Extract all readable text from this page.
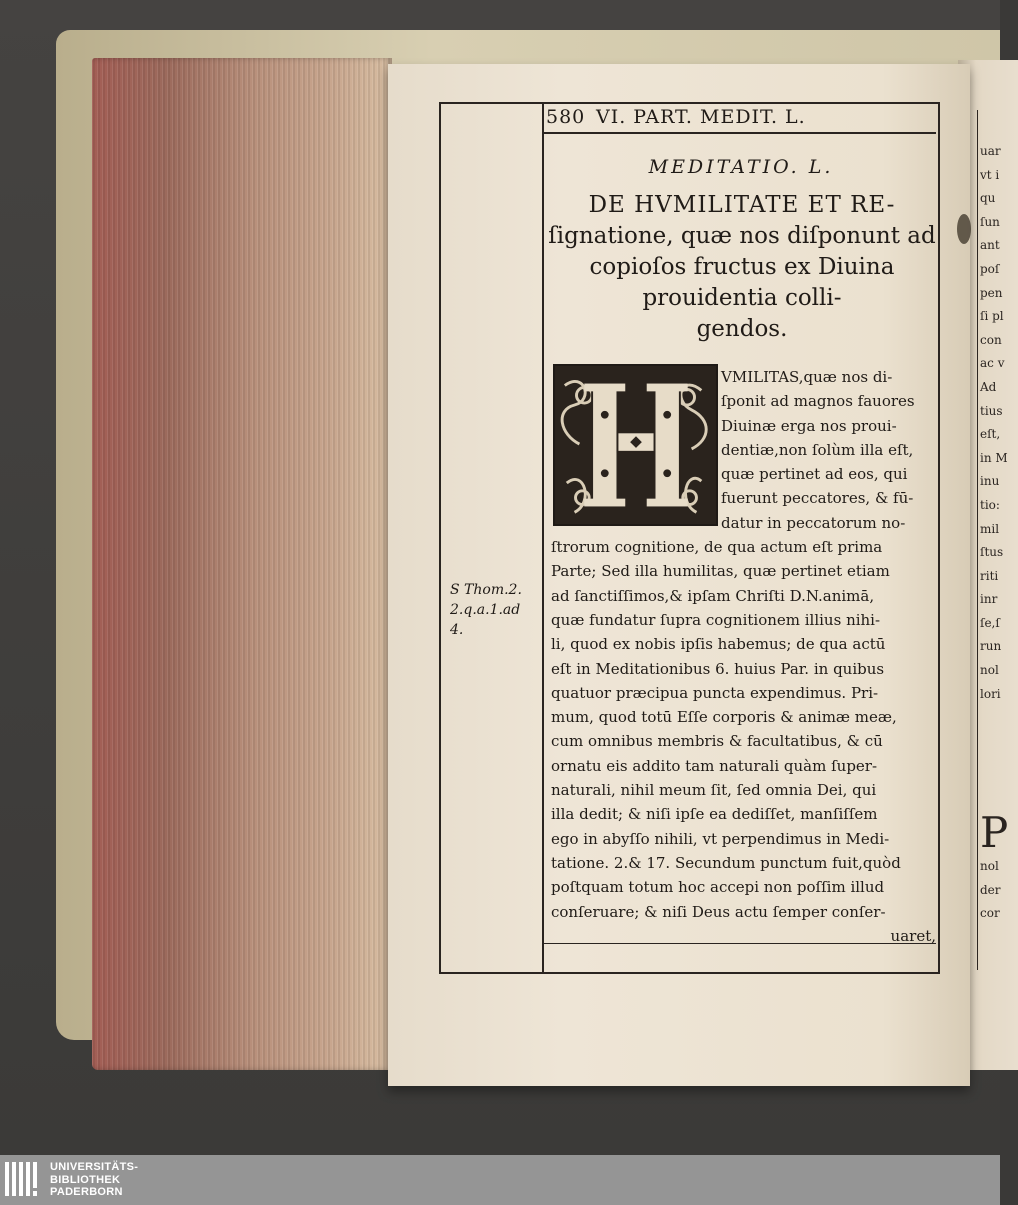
580 VI. PART. MEDIT. L.
MEDITATIO. L.
DE HVMILITATE ET RE-
ſignatione, quæ nos diſponunt ad
copioſos fructus ex Diuina
prouidentia colli-
gendos.
VMILITAS,quæ nos di-
ſponit ad magnos fauores
Diuinæ erga nos proui-
dentiæ,non ſolùm illa eſt,
quæ pertinet ad eos, qui
fuerunt peccatores, & fū-
datur in peccatorum no-
ſtrorum cognitione, de qua actum eſt prima
Parte; Sed illa humilitas, quæ pertinet etiam
ad ſanctiſſimos,& ipſam Chriſti D.N.animā,
quæ fundatur ſupra cognitionem illius nihi-
li, quod ex nobis ipſis habemus; de qua actū
eſt in Meditationibus 6. huius Par. in quibus
quatuor præcipua puncta expendimus. Pri-
mum, quod totū Eſſe corporis & animæ meæ,
cum omnibus membris & facultatibus, & cū
ornatu eis addito tam naturali quàm ſuper-
naturali, nihil meum ſit, ſed omnia Dei, qui
illa dedit; & niſi ipſe ea dediſſet, manſiſſem
ego in abyſſo nihili, vt perpendimus in Medi-
tatione. 2.& 17. Secundum punctum fuit,quòd
poſtquam totum hoc accepi non poſſim illud
conſeruare; & niſi Deus actu ſemper conſer-
uaret,
S Thom.2.
2.q.a.1.ad
4.
uar
vt i
qu
ſun
ant
poſ
pen
ſi pl
con
ac v
Ad
tius
eſt,
in M
inu
tio:
mil
ſtus
riti
inr
ſe,ſ
run
nol
lori
P
nol
der
cor
UNIVERSITÄTS-
BIBLIOTHEK
PADERBORN
